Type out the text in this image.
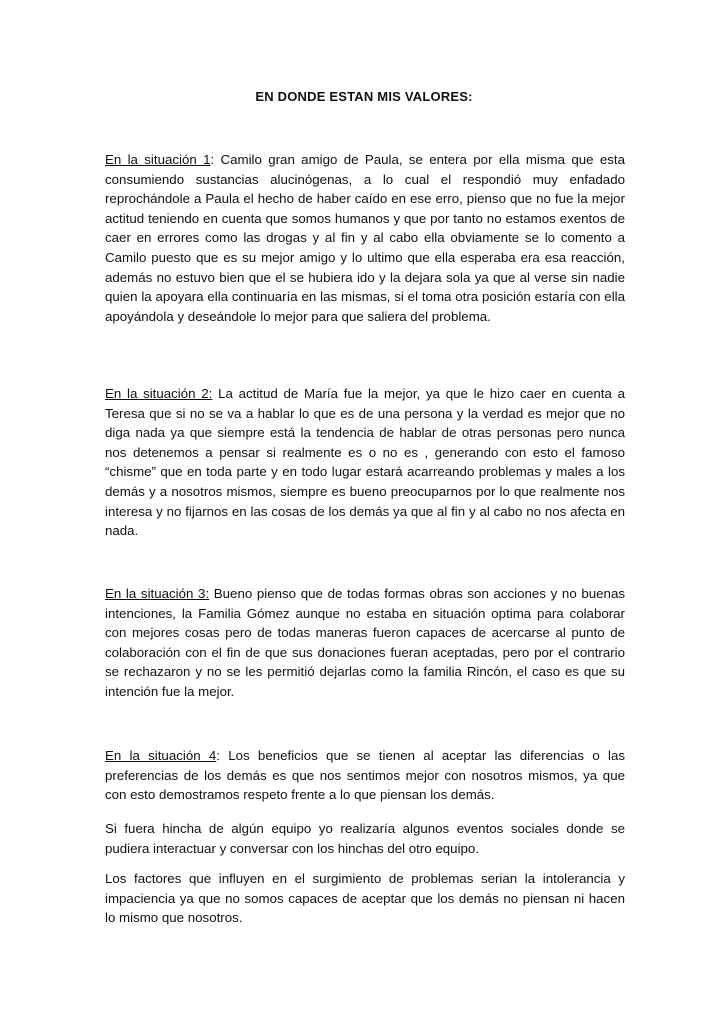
EN DONDE ESTAN MIS VALORES:

En la situación 1: Camilo gran amigo de Paula, se entera por ella misma que esta consumiendo sustancias alucinógenas, a lo cual el respondió muy enfadado reprochándole a Paula el hecho de haber caído en ese erro, pienso que no fue la mejor actitud teniendo en cuenta que somos humanos y que por tanto no estamos exentos de caer en errores como las drogas y al fin y al cabo ella obviamente se lo comento a Camilo puesto que es su mejor amigo y lo ultimo que ella esperaba era esa reacción, además no estuvo bien que el se hubiera ido y la dejara sola ya que al verse sin nadie quien la apoyara ella continuaría en las mismas, si el toma otra posición estaría con ella apoyándola y deseándole lo mejor para que saliera del problema.

En la situación 2: La actitud de María fue la mejor, ya que le hizo caer en cuenta a Teresa que si no se va a hablar lo que es de una persona y la verdad es mejor que no diga nada ya que siempre está la tendencia de hablar de otras personas pero nunca nos detenemos a pensar si realmente es o no es , generando con esto el famoso “chisme” que en toda parte y en todo lugar estará acarreando problemas y males a los demás y a nosotros mismos, siempre es bueno preocuparnos por lo que realmente nos interesa y no fijarnos en las cosas de los demás ya que al fin y al cabo no nos afecta en nada.

En la situación 3: Bueno pienso que de todas formas obras son acciones y no buenas intenciones, la Familia Gómez aunque no estaba en situación optima para colaborar con mejores cosas pero de todas maneras fueron capaces de acercarse al punto de colaboración con el fin de que sus donaciones fueran aceptadas, pero por el contrario se rechazaron y no se les permitió dejarlas como la familia Rincón, el caso es que su intención fue la mejor.

En la situación 4: Los beneficios que se tienen al aceptar las diferencias o las preferencias de los demás es que nos sentimos mejor con nosotros mismos, ya que con esto demostramos respeto frente a lo que piensan los demás.

Si fuera hincha de algún equipo yo realizaría algunos eventos sociales donde se pudiera interactuar y conversar con los hinchas del otro equipo.

Los factores que influyen en el surgimiento de problemas serian la intolerancia y impaciencia ya que no somos capaces de aceptar que los demás no piensan ni hacen lo mismo que nosotros.
